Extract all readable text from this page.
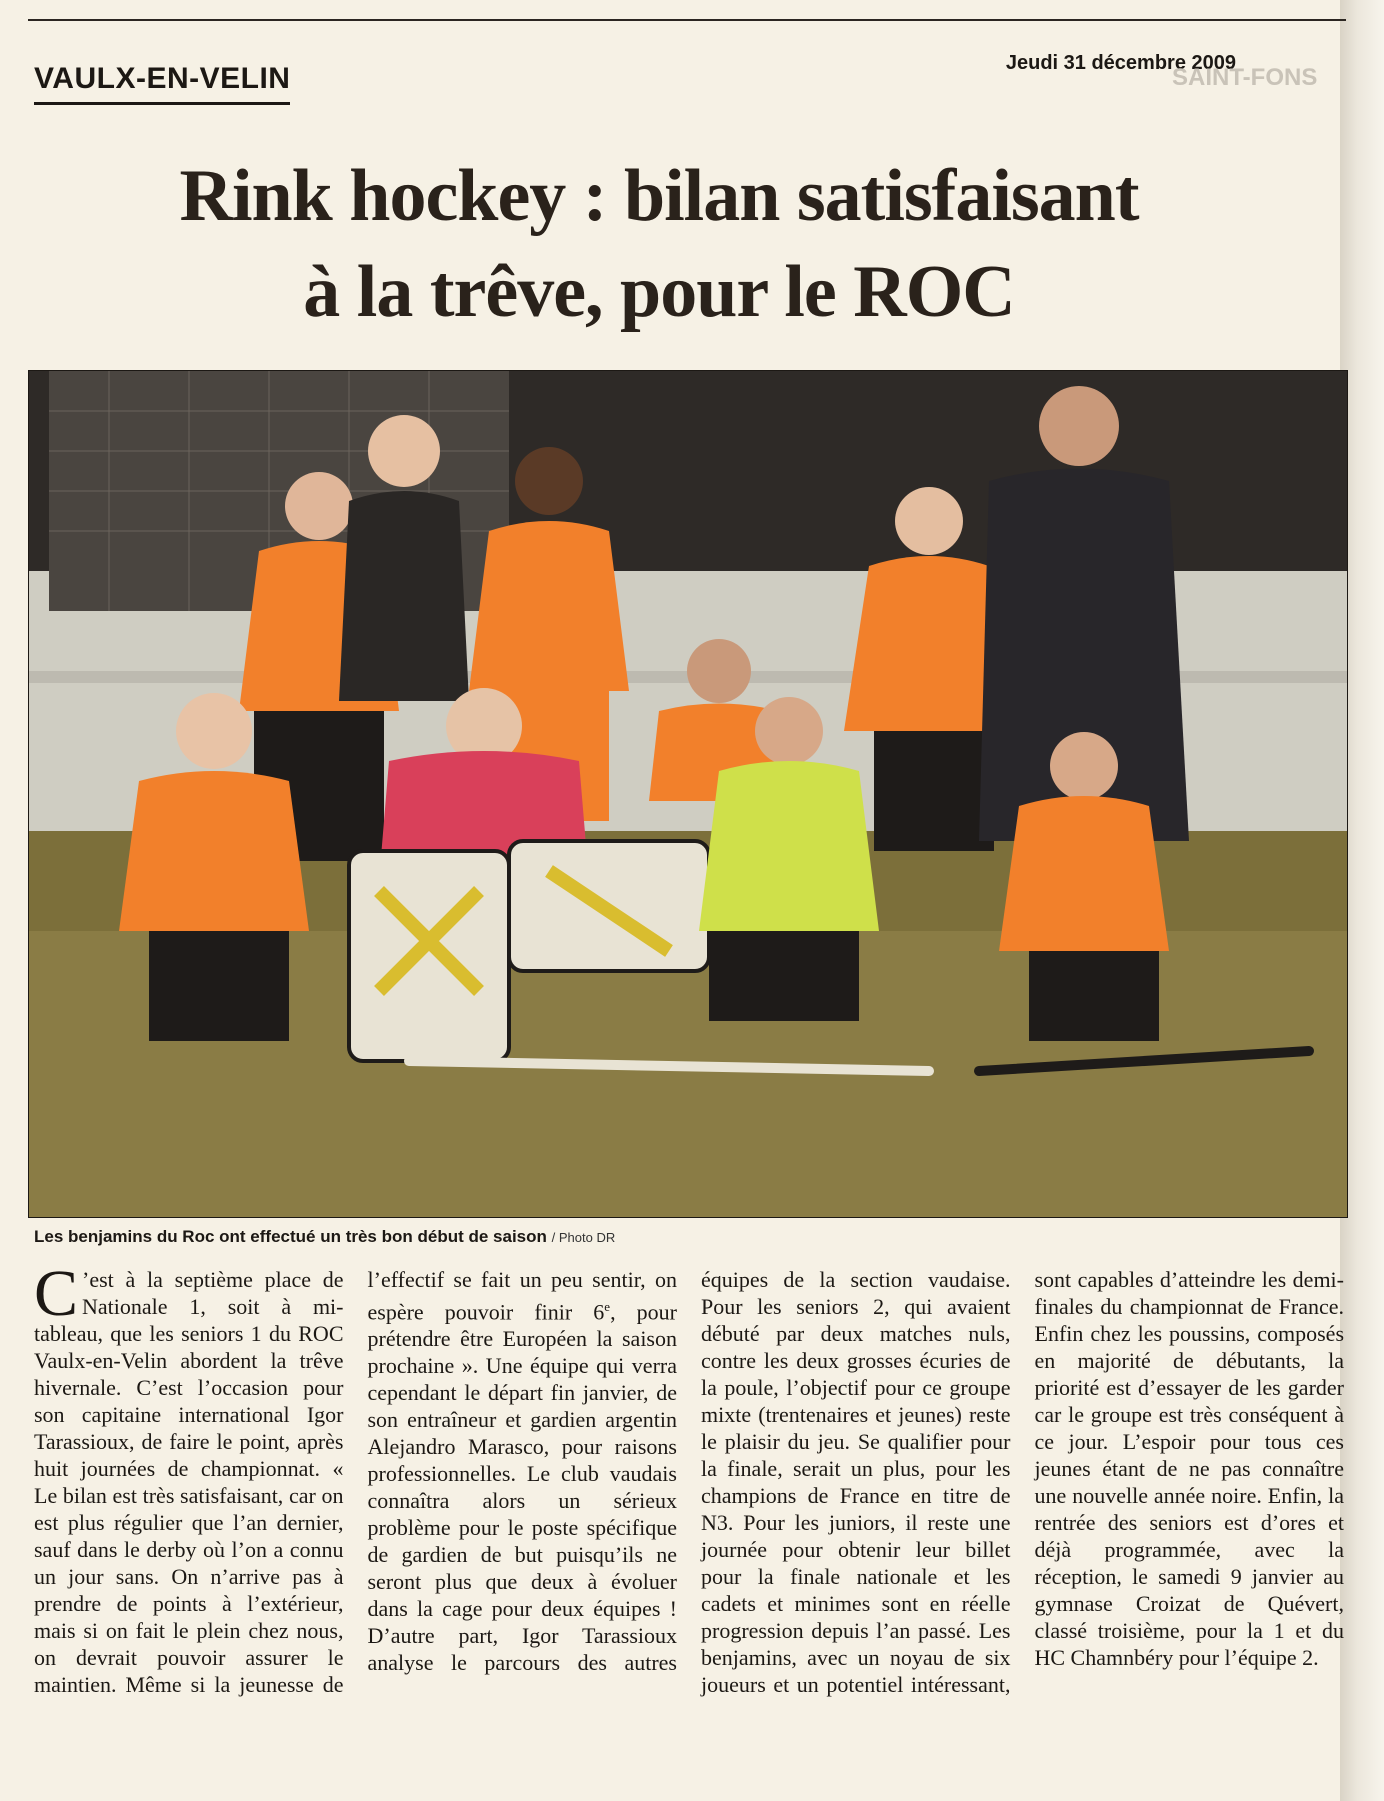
VAULX-EN-VELIN	Jeudi 31 décembre 2009
SAINT-FONS
Rink hockey : bilan satisfaisant
à la trêve, pour le ROC
Les benjamins du Roc ont effectué un très bon début de saison / Photo DR

C ’est à la septième place de Nationale 1, soit à mi-tableau, que les seniors 1 du ROC Vaulx-en-Velin abordent la trêve hivernale. C’est l’occasion pour son capitaine international Igor Tarassioux, de faire le point, après huit journées de championnat. « Le bilan est très satisfaisant, car on est plus régulier que l’an dernier, sauf dans le derby où l’on a connu un jour sans. On n’arrive pas à prendre de points à l’extérieur, mais si on fait le plein chez nous, on devrait pouvoir assurer le maintien. Même si la jeunesse de l’effectif se fait un peu sentir, on espère pouvoir finir 6e, pour prétendre être Européen la saison prochaine ». Une équipe qui verra cependant le départ fin janvier, de son entraîneur et gardien argentin Alejandro Marasco, pour raisons professionnelles. Le club vaudais connaîtra alors un sérieux problème pour le poste spécifique de gardien de but puisqu’ils ne seront plus que deux à évoluer dans la cage pour deux équipes ! D’autre part, Igor Tarassioux analyse le parcours des autres équipes de la section vaudaise. Pour les seniors 2, qui avaient débuté par deux matches nuls, contre les deux grosses écuries de la poule, l’objectif pour ce groupe mixte (trentenaires et jeunes) reste le plaisir du jeu. Se qualifier pour la finale, serait un plus, pour les champions de France en titre de N3. Pour les juniors, il reste une journée pour obtenir leur billet pour la finale nationale et les cadets et minimes sont en réelle progression depuis l’an passé. Les benjamins, avec un noyau de six joueurs et un potentiel intéressant, sont capables d’atteindre les demi-finales du championnat de France. Enfin chez les poussins, composés en majorité de débutants, la priorité est d’essayer de les garder car le groupe est très conséquent à ce jour. L’espoir pour tous ces jeunes étant de ne pas connaître une nouvelle année noire. Enfin, la rentrée des seniors est d’ores et déjà programmée, avec la réception, le samedi 9 janvier au gymnase Croizat de Quévert, classé troisième, pour la 1 et du HC Chamnbéry pour l’équipe 2.
